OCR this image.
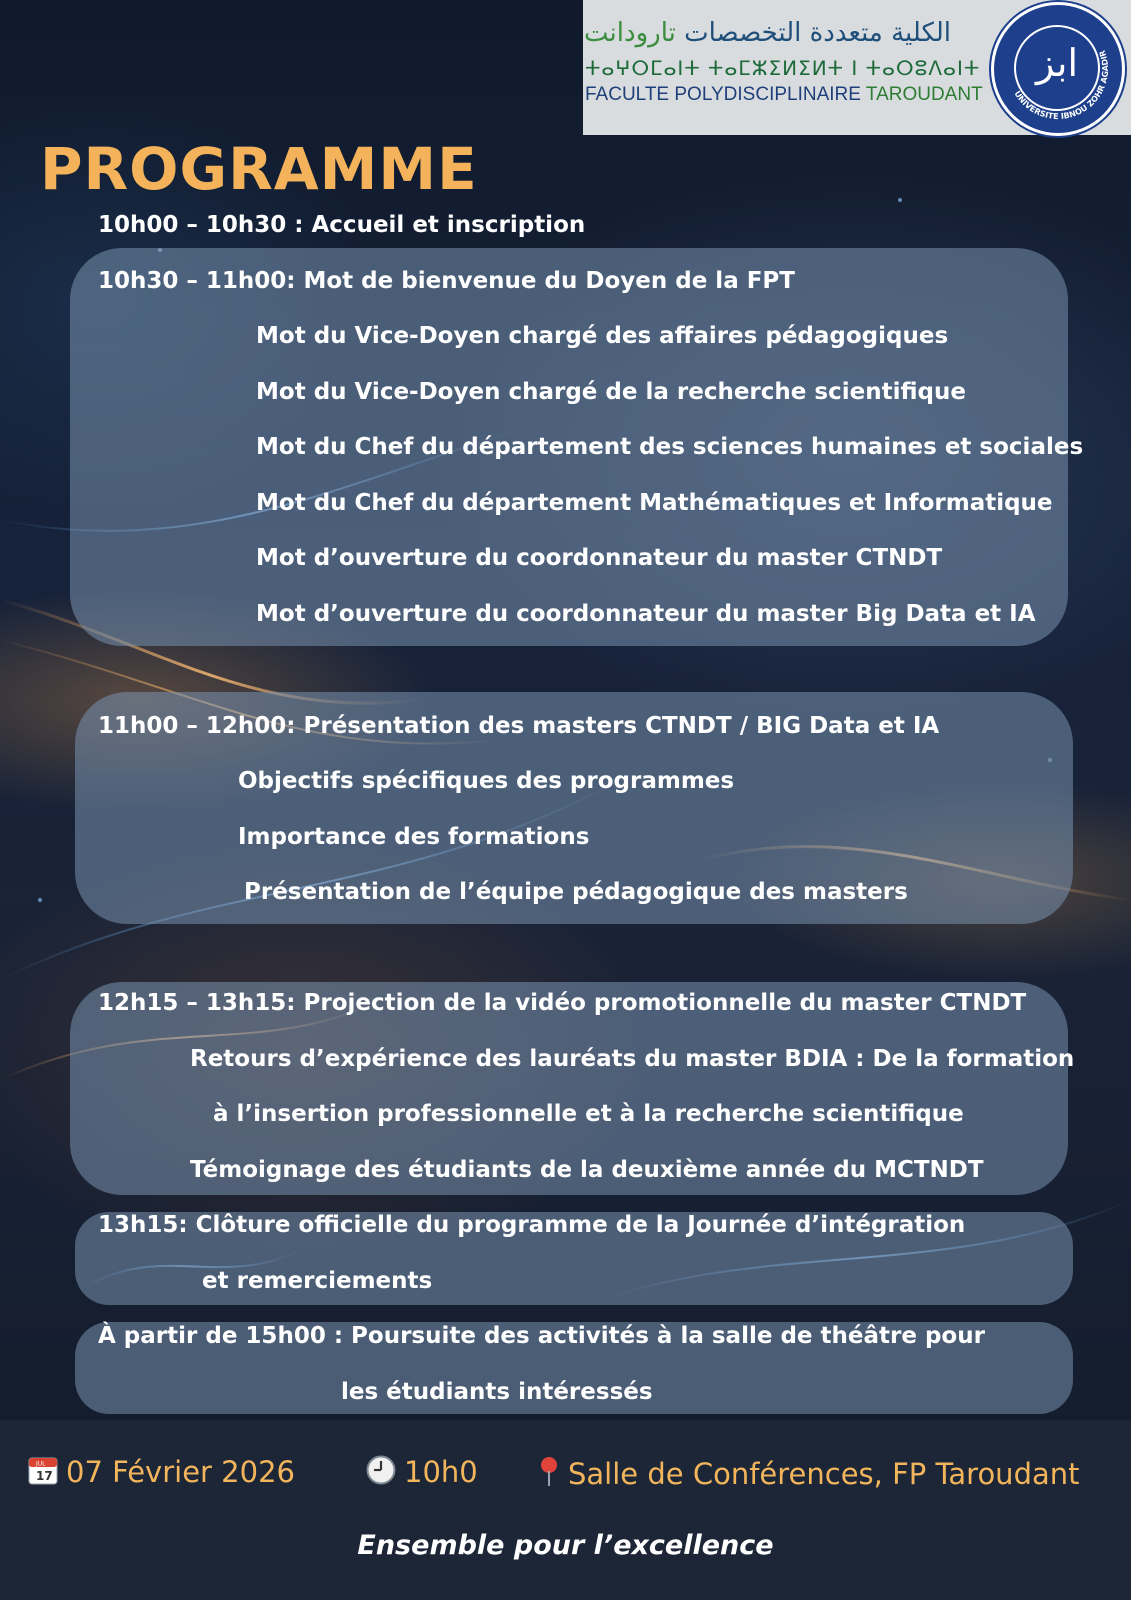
الكلية متعددة التخصصات تارودانت
ⵜⴰⵖⵔⵎⴰⵏⵜ ⵜⴰⵎⵣⵉⵍⵉⵍⵜ ⵏ ⵜⴰⵔⵓⴷⴰⵏⵜ
FACULTE POLYDISCIPLINAIRE TAROUDANT	UNIVERSITE IBNOU ZOHR AGADIR
ابز
PROGRAMME
10h00 – 10h30 : Accueil et inscription
10h30 – 11h00: Mot de bienvenue du Doyen de la FPT
Mot du Vice-Doyen chargé des affaires pédagogiques
Mot du Vice-Doyen chargé de la recherche scientifique
Mot du Chef du département des sciences humaines et sociales
Mot du Chef du département Mathématiques et Informatique
Mot d’ouverture du coordonnateur du master CTNDT
Mot d’ouverture du coordonnateur du master Big Data et IA
11h00 – 12h00: Présentation des masters CTNDT / BIG Data et IA
Objectifs spécifiques des programmes
Importance des formations
Présentation de l’équipe pédagogique des masters
12h15 – 13h15: Projection de la vidéo promotionnelle du master CTNDT
Retours d’expérience des lauréats du master BDIA : De la formation
à l’insertion professionnelle et à la recherche scientifique
Témoignage des étudiants de la deuxième année du MCTNDT
13h15: Clôture officielle du programme de la Journée d’intégration
et remerciements
À partir de 15h00 : Poursuite des activités à la salle de théâtre pour
les étudiants intéressés
JUL
17 07 Février 2026	10h0	Salle de Conférences, FP Taroudant
Ensemble pour l’excellence
